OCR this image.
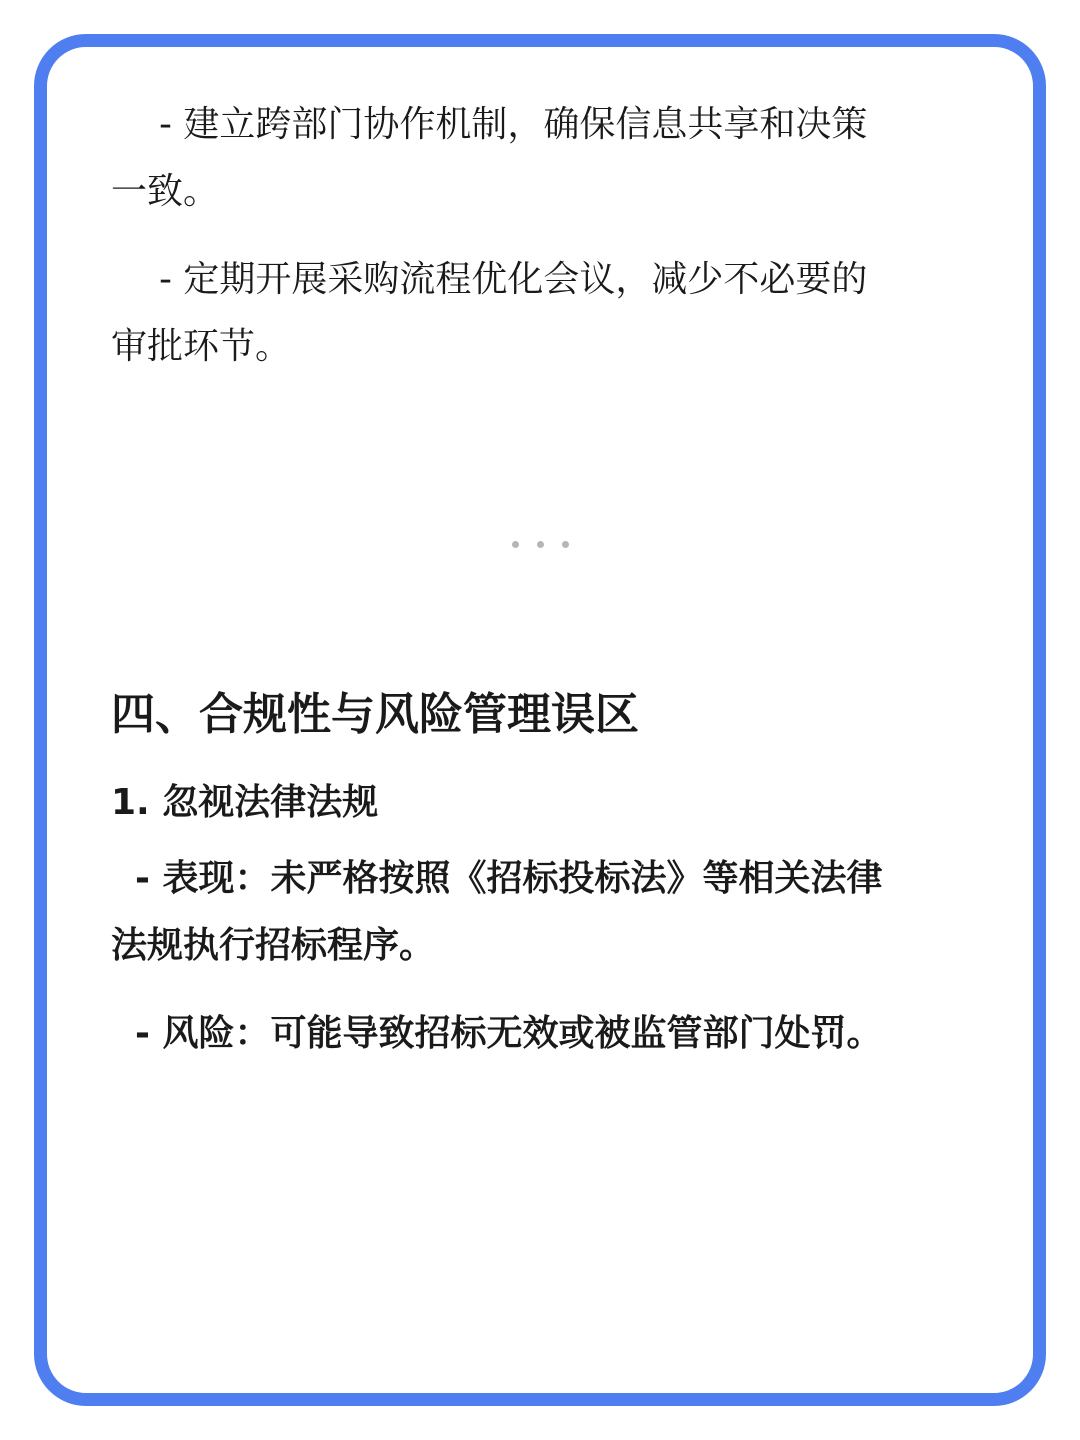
- 建立跨部门协作机制，确保信息共享和决策一致。

- 定期开展采购流程优化会议，减少不必要的审批环节。

四、合规性与风险管理误区
1. 忽视法律法规

- 表现：未严格按照《招标投标法》等相关法律法规执行招标程序。

- 风险：可能导致招标无效或被监管部门处罚。
